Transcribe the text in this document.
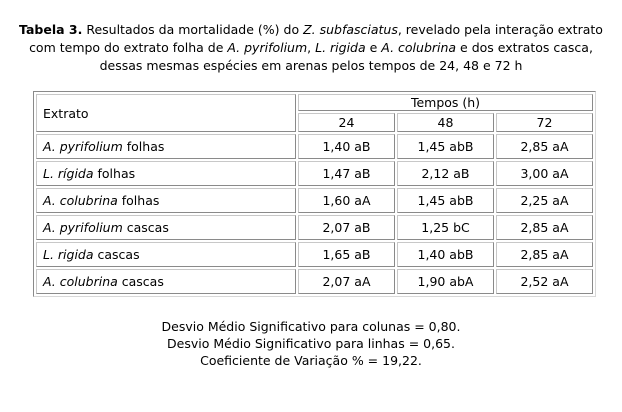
Tabela 3. Resultados da mortalidade (%) do Z. subfasciatus, revelado pela interação extrato com tempo do extrato folha de A. pyrifolium, L. rigida e A. colubrina e dos extratos casca, dessas mesmas espécies em arenas pelos tempos de 24, 48 e 72 h
Extrato	Tempos (h)		
	24	48	72
A. pyrifolium folhas	1,40 aB	1,45 abB	2,85 aA
L. rígida folhas	1,47 aB	2,12 aB	3,00 aA
A. colubrina folhas	1,60 aA	1,45 abB	2,25 aA
A. pyrifolium cascas	2,07 aB	1,25 bC	2,85 aA
L. rigida cascas	1,65 aB	1,40 abB	2,85 aA
A. colubrina cascas	2,07 aA	1,90 abA	2,52 aA
Desvio Médio Significativo para colunas = 0,80.
Desvio Médio Significativo para linhas = 0,65.
Coeficiente de Variação % = 19,22.
